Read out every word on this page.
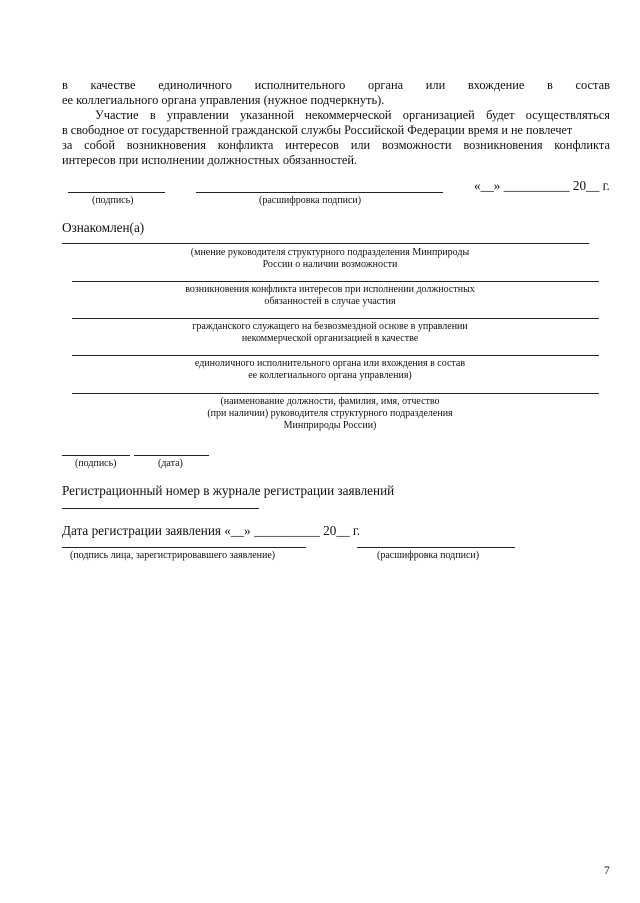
в качестве единоличного исполнительного органа или вхождение в состав
ее коллегиального органа управления (нужное подчеркнуть).
Участие в управлении указанной некоммерческой организацией будет осуществляться
в свободное от государственной гражданской службы Российской Федерации время и не повлечет
за собой возникновения конфликта интересов или возможности возникновения конфликта
интересов при исполнении должностных обязанностей.
«__» __________ 20__ г.
(подпись)	(расшифровка подписи)
Ознакомлен(а)
(мнение руководителя структурного подразделения Минприроды
России о наличии возможности
возникновения конфликта интересов при исполнении должностных
обязанностей в случае участия
гражданского служащего на безвозмездной основе в управлении
некоммерческой организацией в качестве
единоличного исполнительного органа или вхождения в состав
ее коллегиального органа управления)
(наименование должности, фамилия, имя, отчество
(при наличии) руководителя структурного подразделения
Минприроды России)
(подпись)	(дата)
Регистрационный номер в журнале регистрации заявлений
Дата регистрации заявления «__» __________ 20__ г.
(подпись лица, зарегистрировавшего заявление)	(расшифровка подписи)
7
